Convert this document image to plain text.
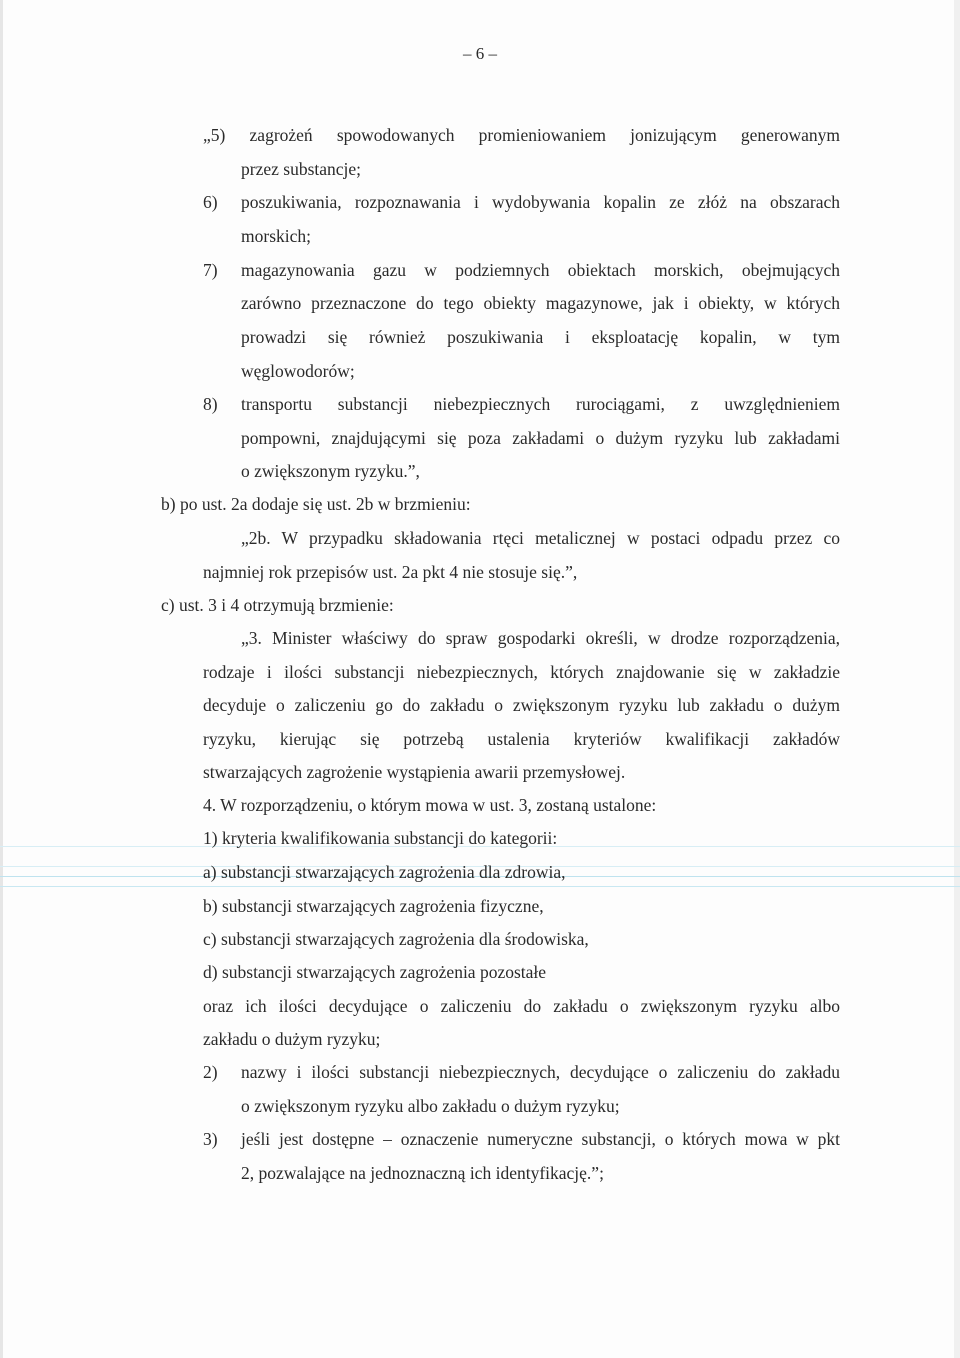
– 6 –
„5) zagrożeń spowodowanych promieniowaniem jonizującym generowanym
przez substancje;
6) poszukiwania, rozpoznawania i wydobywania kopalin ze złóż na obszarach
morskich;
7) magazynowania gazu w podziemnych obiektach morskich, obejmujących
zarówno przeznaczone do tego obiekty magazynowe, jak i obiekty, w których
prowadzi się również poszukiwania i eksploatację kopalin, w tym
węglowodorów;
8) transportu substancji niebezpiecznych rurociągami, z uwzględnieniem
pompowni, znajdującymi się poza zakładami o dużym ryzyku lub zakładami
o zwiększonym ryzyku.”,
b) po ust. 2a dodaje się ust. 2b w brzmieniu:
„2b. W przypadku składowania rtęci metalicznej w postaci odpadu przez co
najmniej rok przepisów ust. 2a pkt 4 nie stosuje się.”,
c) ust. 3 i 4 otrzymują brzmienie:
„3. Minister właściwy do spraw gospodarki określi, w drodze rozporządzenia,
rodzaje i ilości substancji niebezpiecznych, których znajdowanie się w zakładzie
decyduje o zaliczeniu go do zakładu o zwiększonym ryzyku lub zakładu o dużym
ryzyku, kierując się potrzebą ustalenia kryteriów kwalifikacji zakładów
stwarzających zagrożenie wystąpienia awarii przemysłowej.
4. W rozporządzeniu, o którym mowa w ust. 3, zostaną ustalone:
1) kryteria kwalifikowania substancji do kategorii:
a) substancji stwarzających zagrożenia dla zdrowia,
b) substancji stwarzających zagrożenia fizyczne,
c) substancji stwarzających zagrożenia dla środowiska,
d) substancji stwarzających zagrożenia pozostałe
oraz ich ilości decydujące o zaliczeniu do zakładu o zwiększonym ryzyku albo
zakładu o dużym ryzyku;
2) nazwy i ilości substancji niebezpiecznych, decydujące o zaliczeniu do zakładu
o zwiększonym ryzyku albo zakładu o dużym ryzyku;
3) jeśli jest dostępne – oznaczenie numeryczne substancji, o których mowa w pkt
2, pozwalające na jednoznaczną ich identyfikację.”;
